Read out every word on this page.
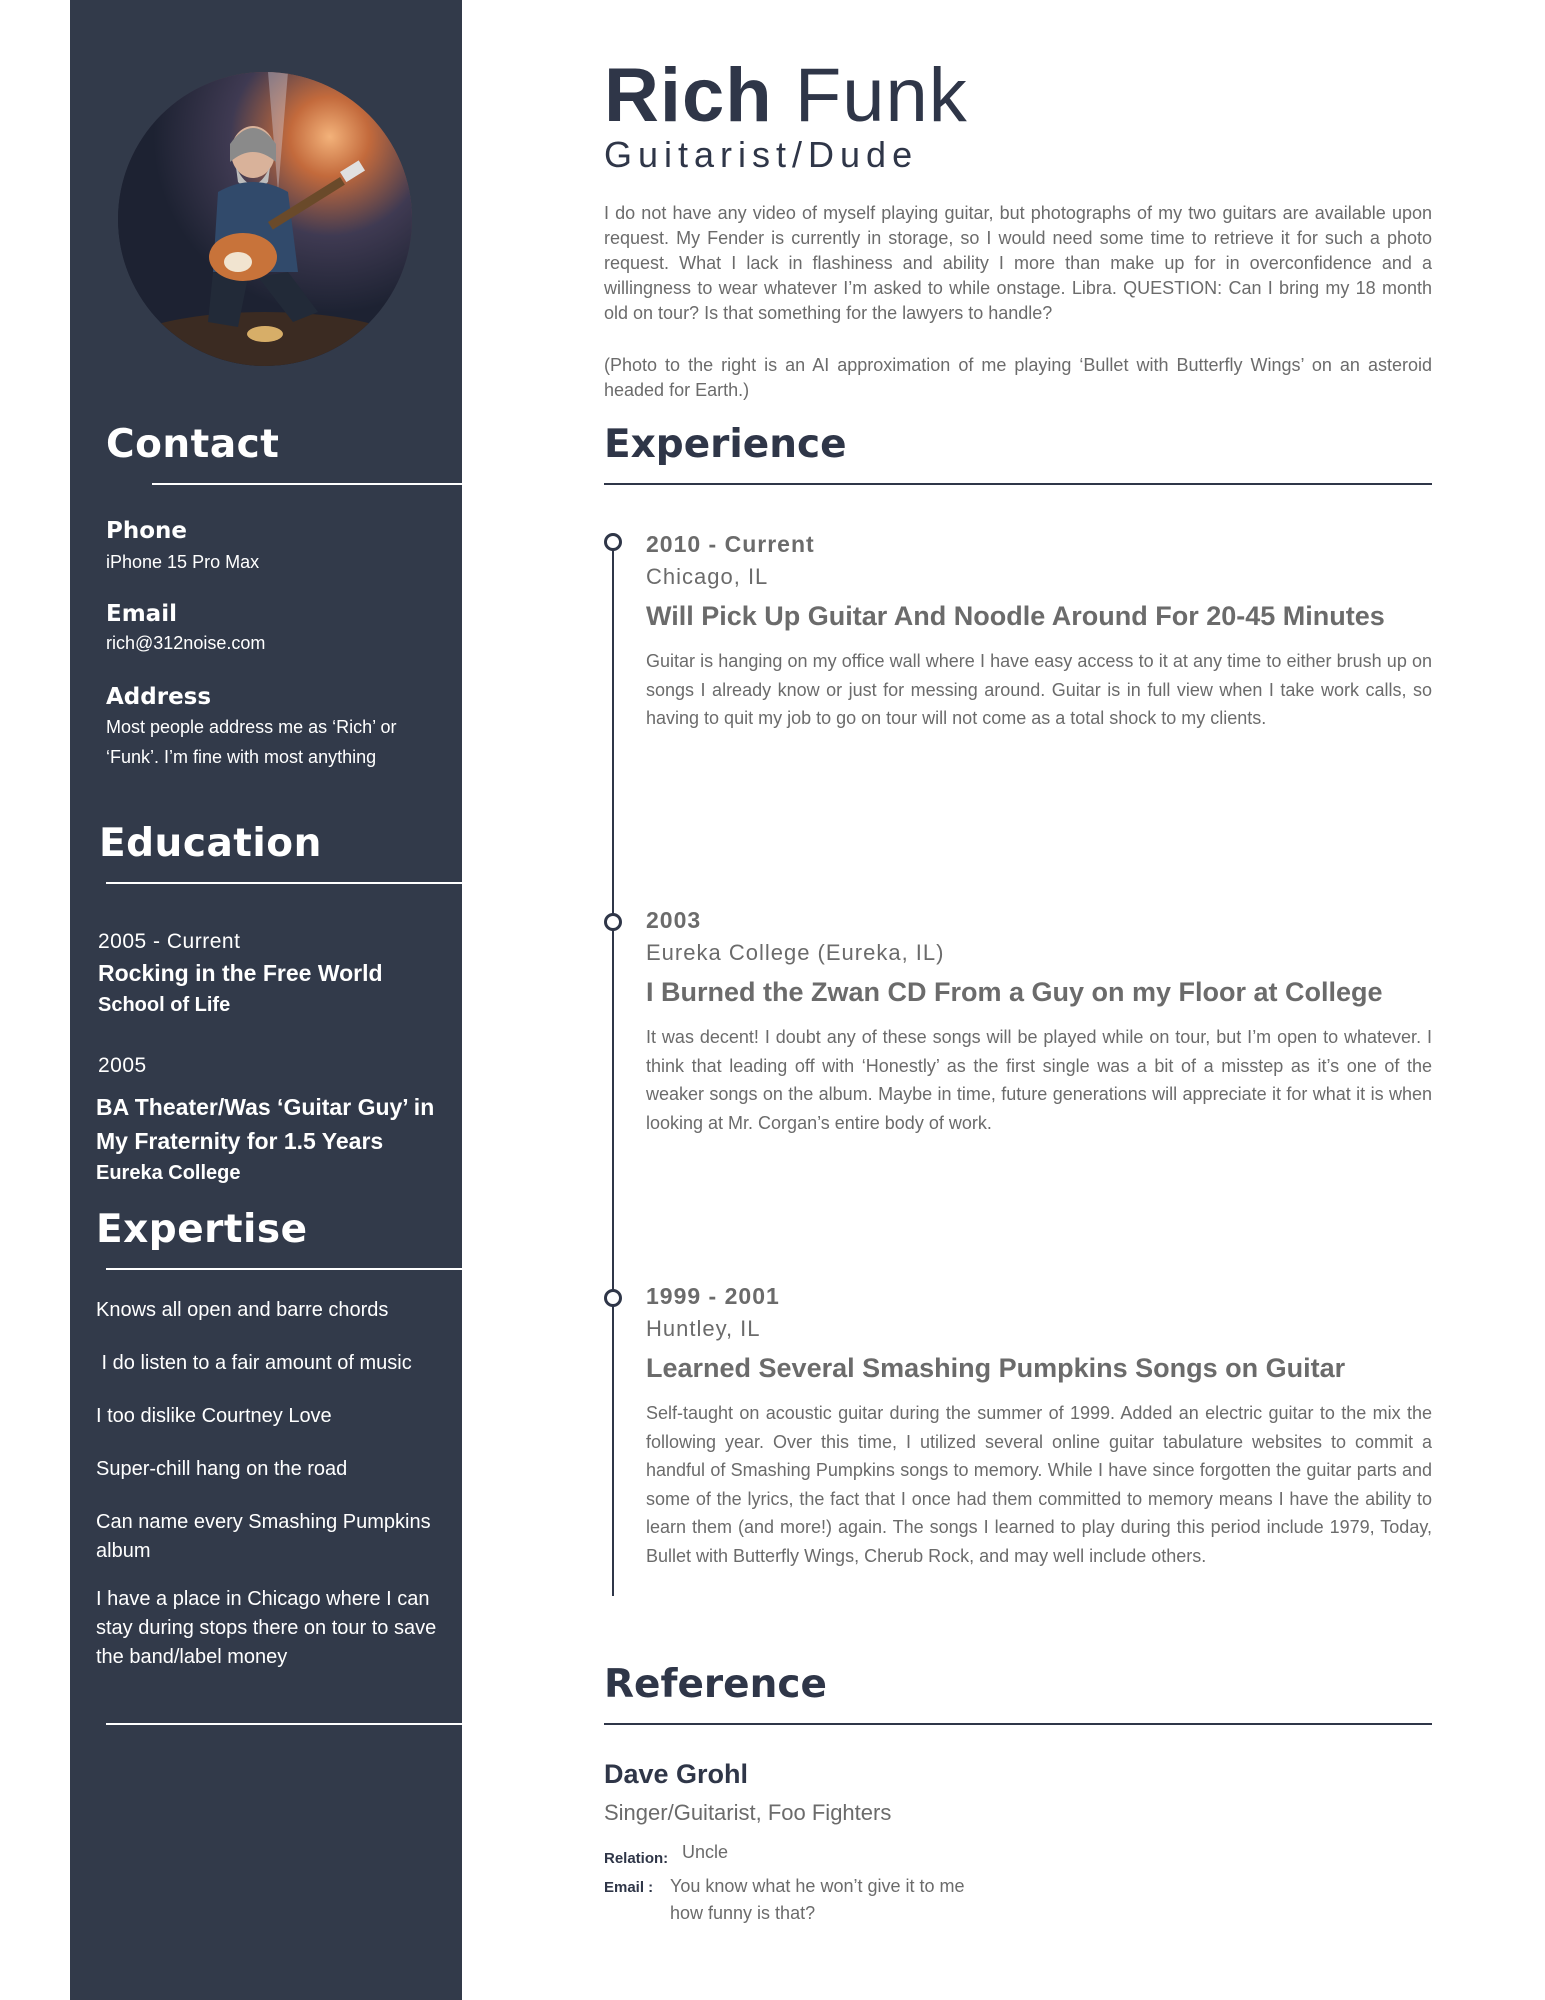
Contact
Phone
iPhone 15 Pro Max
Email
rich@312noise.com
Address
Most people address me as ‘Rich’ or
‘Funk’. I’m fine with most anything
Education
2005 - Current
Rocking in the Free World
School of Life
2005
BA Theater/Was ‘Guitar Guy’ in
My Fraternity for 1.5 Years
Eureka College
Expertise
Knows all open and barre chords
I do listen to a fair amount of music
I too dislike Courtney Love
Super-chill hang on the road
Can name every Smashing Pumpkins album
I have a place in Chicago where I can stay during stops there on tour to save the band/label money
Rich Funk
Guitarist/Dude
I do not have any video of myself playing guitar, but photographs of my two guitars are available upon request. My Fender is currently in storage, so I would need some time to retrieve it for such a photo request. What I lack in flashiness and ability I more than make up for in overconfidence and a willingness to wear whatever I’m asked to while onstage. Libra. QUESTION: Can I bring my 18 month old on tour? Is that something for the lawyers to handle?
(Photo to the right is an AI approximation of me playing ‘Bullet with Butterfly Wings’ on an asteroid headed for Earth.)
Experience
2010 - Current
Chicago, IL
Will Pick Up Guitar And Noodle Around For 20-45 Minutes
Guitar is hanging on my office wall where I have easy access to it at any time to either brush up on songs I already know or just for messing around. Guitar is in full view when I take work calls, so having to quit my job to go on tour will not come as a total shock to my clients.
2003
Eureka College (Eureka, IL)
I Burned the Zwan CD From a Guy on my Floor at College
It was decent! I doubt any of these songs will be played while on tour, but I’m open to whatever. I think that leading off with ‘Honestly’ as the first single was a bit of a misstep as it’s one of the weaker songs on the album. Maybe in time, future generations will appreciate it for what it is when looking at Mr. Corgan’s entire body of work.
1999 - 2001
Huntley, IL
Learned Several Smashing Pumpkins Songs on Guitar
Self-taught on acoustic guitar during the summer of 1999. Added an electric guitar to the mix the following year. Over this time, I utilized several online guitar tabulature websites to commit a handful of Smashing Pumpkins songs to memory. While I have since forgotten the guitar parts and some of the lyrics, the fact that I once had them committed to memory means I have the ability to learn them (and more!) again. The songs I learned to play during this period include 1979, Today, Bullet with Butterfly Wings, Cherub Rock, and may well include others.
Reference
Dave Grohl
Singer/Guitarist, Foo Fighters
Relation: Uncle
Email : You know what he won’t give it to me
how funny is that?
